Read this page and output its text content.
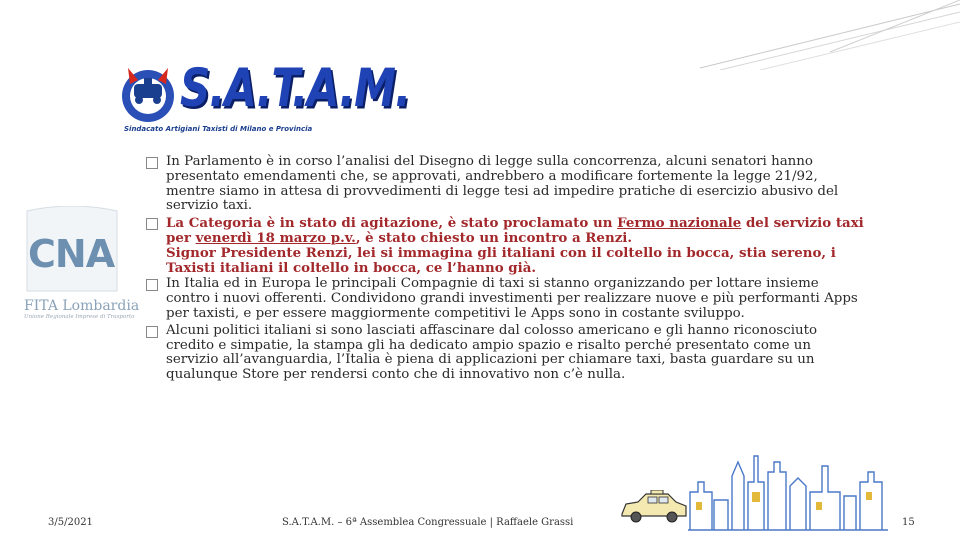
S.A.T.A.M.
Sindacato Artigiani Taxisti di Milano e Provincia
CNA
FITA Lombardia
Unione Regionale Imprese di Trasporto
In Parlamento è in corso l’analisi del Disegno di legge sulla concorrenza, alcuni senatori hanno presentato emendamenti che, se approvati, andrebbero a modificare fortemente la legge 21/92, mentre siamo in attesa di provvedimenti di legge tesi ad impedire pratiche di esercizio abusivo del servizio taxi.
La Categoria è in stato di agitazione, è stato proclamato un Fermo nazionale del servizio taxi per venerdì 18 marzo p.v., è stato chiesto un incontro a Renzi.
Signor Presidente Renzi, lei si immagina gli italiani con il coltello in bocca, stia sereno, i Taxisti italiani il coltello in bocca, ce l’hanno già.
In Italia ed in Europa le principali Compagnie di taxi si stanno organizzando per lottare insieme contro i nuovi offerenti. Condividono grandi investimenti per realizzare nuove e più performanti Apps per taxisti, e per essere maggiormente competitivi le Apps sono in costante sviluppo.
Alcuni politici italiani si sono lasciati affascinare dal colosso americano e gli hanno riconosciuto credito e simpatie, la stampa gli ha dedicato ampio spazio e risalto perché presentato come un servizio all’avanguardia, l’Italia è piena di applicazioni per chiamare taxi, basta guardare su un qualunque Store per rendersi conto che di innovativo non c’è nulla.
3/5/2021	S.A.T.A.M. – 6ª Assemblea Congressuale | Raffaele Grassi	15
